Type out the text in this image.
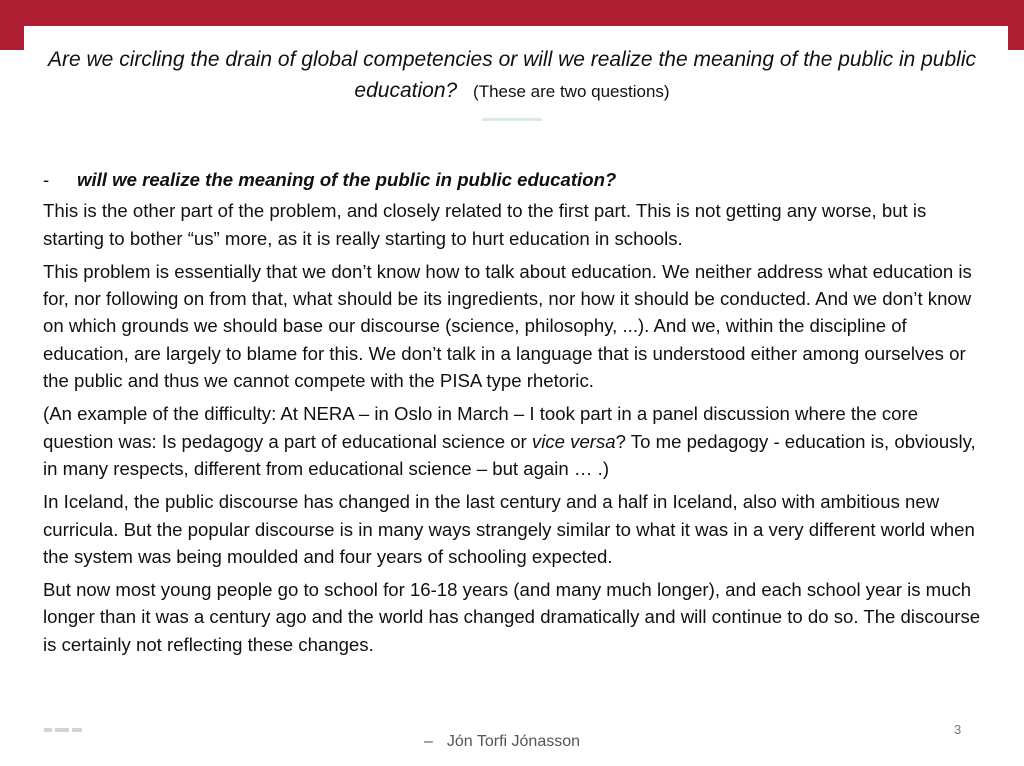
Are we circling the drain of global competencies or will we realize the meaning of the public in public education? (These are two questions)

- will we realize the meaning of the public in public education?

This is the other part of the problem, and closely related to the first part. This is not getting any worse, but is starting to bother “us” more, as it is really starting to hurt education in schools.

This problem is essentially that we don’t know how to talk about education. We neither address what education is for, nor following on from that, what should be its ingredients, nor how it should be conducted. And we don’t know on which grounds we should base our discourse (science, philosophy, ...). And we, within the discipline of education, are largely to blame for this. We don’t talk in a language that is understood either among ourselves or the public and thus we cannot compete with the PISA type rhetoric.

(An example of the difficulty: At NERA – in Oslo in March – I took part in a panel discussion where the core question was: Is pedagogy a part of educational science or vice versa? To me pedagogy - education is, obviously, in many respects, different from educational science – but again … .)

In Iceland, the public discourse has changed in the last century and a half in Iceland, also with ambitious new curricula. But the popular discourse is in many ways strangely similar to what it was in a very different world when the system was being moulded and four years of schooling expected.

But now most young people go to school for 16-18 years (and many much longer), and each school year is much longer than it was a century ago and the world has changed dramatically and will continue to do so. The discourse is certainly not reflecting these changes.

– Jón Torfi Jónasson
3
